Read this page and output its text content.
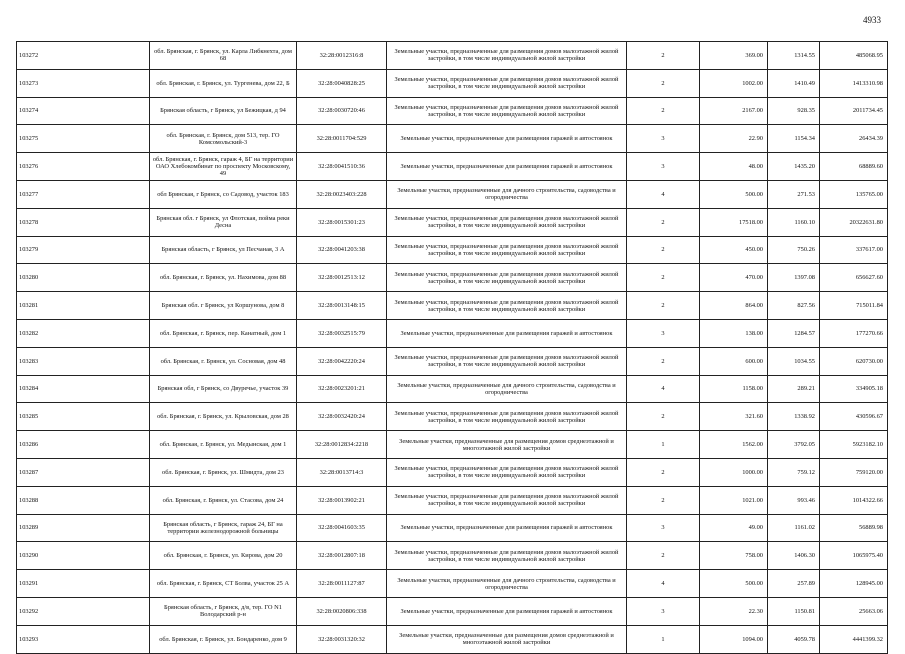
4933
103272	обл. Брянская, г. Брянск, ул. Карла Либкнехта, дом 68	32:28:0012316:8	Земельные участки, предназначенные для размещения домов малоэтажной жилой застройки, в том числе индивидуальной жилой застройки	2	369.00	1314.55	485068.95
103273	обл. Брянская, г. Брянск, ул. Тургенева, дом 22, Б	32:28:0040828:25	Земельные участки, предназначенные для размещения домов малоэтажной жилой застройки, в том числе индивидуальной жилой застройки	2	1002.00	1410.49	1413310.98
103274	Брянская область, г Брянск, ул Бежицкая, д 94	32:28:0030720:46	Земельные участки, предназначенные для размещения домов малоэтажной жилой застройки, в том числе индивидуальной жилой застройки	2	2167.00	928.35	2011734.45
103275	обл. Брянская, г. Брянск, дом 513, тер. ГО Комсомольский-3	32:28:0011704:529	Земельные участки, предназначенные для размещения гаражей и автостоянок	3	22.90	1154.34	26434.39
103276	обл. Брянская, г. Брянск, гараж 4, БГ на территории ОАО Хлебокомбинат по проспекту Московскому, 49	32:28:0041510:36	Земельные участки, предназначенные для размещения гаражей и автостоянок	3	48.00	1435.20	68889.60
103277	обл Брянская, г Брянск, со Садовод, участок 183	32:28:0023403:228	Земельные участки, предназначенные для дачного строительства, садоводства и огородничества	4	500.00	271.53	135765.00
103278	Брянская обл. г Брянск, ул Флотская, пойма реки Десна	32:28:0015301:23	Земельные участки, предназначенные для размещения домов малоэтажной жилой застройки, в том числе индивидуальной жилой застройки	2	17518.00	1160.10	20322631.80
103279	Брянская область, г Брянск, ул Песчаная, 3 А	32:28:0041203:38	Земельные участки, предназначенные для размещения домов малоэтажной жилой застройки, в том числе индивидуальной жилой застройки	2	450.00	750.26	337617.00
103280	обл. Брянская, г. Брянск, ул. Нахимова, дом 88	32:28:0012513:12	Земельные участки, предназначенные для размещения домов малоэтажной жилой застройки, в том числе индивидуальной жилой застройки	2	470.00	1397.08	656627.60
103281	Брянская обл. г Брянск, ул Коршуновa, дом 8	32:28:0013148:15	Земельные участки, предназначенные для размещения домов малоэтажной жилой застройки, в том числе индивидуальной жилой застройки	2	864.00	827.56	715011.84
103282	обл. Брянская, г. Брянск, пер. Канатный, дом 1	32:28:0032515:79	Земельные участки, предназначенные для размещения гаражей и автостоянок	3	138.00	1284.57	177270.66
103283	обл. Брянская, г. Брянск, ул. Сосновая, дом 48	32:28:0042220:24	Земельные участки, предназначенные для размещения домов малоэтажной жилой застройки, в том числе индивидуальной жилой застройки	2	600.00	1034.55	620730.00
103284	Брянская обл, г Брянск, со Двуречье, участок 39	32:28:0023201:21	Земельные участки, предназначенные для дачного строительства, садоводства и огородничества	4	1158.00	289.21	334905.18
103285	обл. Брянская, г. Брянск, ул. Крыловская, дом 28	32:28:0032420:24	Земельные участки, предназначенные для размещения домов малоэтажной жилой застройки, в том числе индивидуальной жилой застройки	2	321.60	1338.92	430596.67
103286	обл. Брянская, г. Брянск, ул. Медынская, дом 1	32:28:0012834:2218	Земельные участки, предназначенные для размещения домов среднеэтажной и многоэтажной жилой застройки	1	1562.00	3792.05	5923182.10
103287	обл. Брянская, г. Брянск, ул. Шмидта, дом 23	32:28:0013714:3	Земельные участки, предназначенные для размещения домов малоэтажной жилой застройки, в том числе индивидуальной жилой застройки	2	1000.00	759.12	759120.00
103288	обл. Брянская, г. Брянск, ул. Стасова, дом 24	32:28:0013902:21	Земельные участки, предназначенные для размещения домов малоэтажной жилой застройки, в том числе индивидуальной жилой застройки	2	1021.00	993.46	1014322.66
103289	Брянская область, г Брянск, гараж 24, БГ на территории железнодорожной больницы	32:28:0041603:35	Земельные участки, предназначенные для размещения гаражей и автостоянок	3	49.00	1161.02	56889.98
103290	обл. Брянская, г. Брянск, ул. Кирова, дом 20	32:28:0012807:18	Земельные участки, предназначенные для размещения домов малоэтажной жилой застройки, в том числе индивидуальной жилой застройки	2	758.00	1406.30	1065975.40
103291	обл. Брянская, г. Брянск, СТ Болва, участок 25 А	32:28:0011127:87	Земельные участки, предназначенные для дачного строительства, садоводства и огородничества	4	500.00	257.89	128945.00
103292	Брянская область, г Брянск, д/в, тер. ГО N1 Володарский р-н	32:28:0020806:338	Земельные участки, предназначенные для размещения гаражей и автостоянок	3	22.30	1150.81	25663.06
103293	обл. Брянская, г. Брянск, ул. Бондаренко, дом 9	32:28:0031320:32	Земельные участки, предназначенные для размещения домов среднеэтажной и многоэтажной жилой застройки	1	1094.00	4059.78	4441399.32
